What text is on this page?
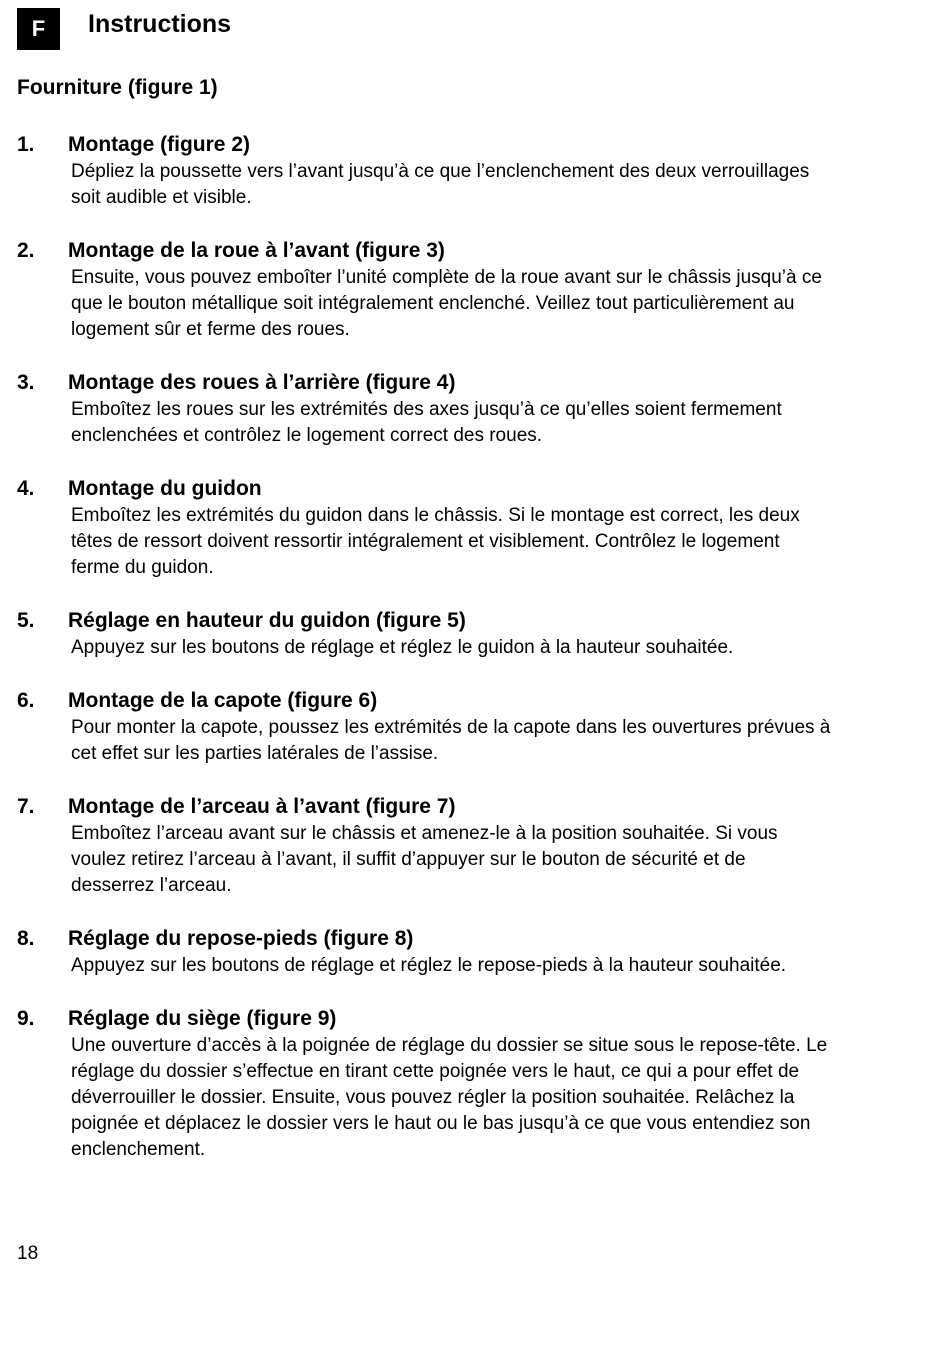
F	Instructions
Fourniture (figure 1)
1.	Montage (figure 2)
Dépliez la poussette vers l’avant jusqu’à ce que l’enclenchement des deux verrouillages soit audible et visible.
2.	Montage de la roue à l’avant (figure 3)
Ensuite, vous pouvez emboîter l’unité complète de la roue avant sur le châssis jusqu’à ce que le bouton métallique soit intégralement enclenché. Veillez tout particulièrement au logement sûr et ferme des roues.
3.	Montage des roues à l’arrière (figure 4)
Emboîtez les roues sur les extrémités des axes jusqu’à ce qu’elles soient fermement enclenchées et contrôlez le logement correct des roues.
4.	Montage du guidon
Emboîtez les extrémités du guidon dans le châssis. Si le montage est correct, les deux têtes de ressort doivent ressortir intégralement et visiblement. Contrôlez le logement ferme du guidon.
5.	Réglage en hauteur du guidon (figure 5)
Appuyez sur les boutons de réglage et réglez le guidon à la hauteur souhaitée.
6.	Montage de la capote (figure 6)
Pour monter la capote, poussez les extrémités de la capote dans les ouvertures prévues à cet effet sur les parties latérales de l’assise.
7.	Montage de l’arceau à l’avant (figure 7)
Emboîtez l’arceau avant sur le châssis et amenez-le à la position souhaitée. Si vous voulez retirez l’arceau à l’avant, il suffit d’appuyer sur le bouton de sécurité et de desserrez l’arceau.
8.	Réglage du repose-pieds (figure 8)
Appuyez sur les boutons de réglage et réglez le repose-pieds à la hauteur souhaitée.
9.	Réglage du siège (figure 9)
Une ouverture d’accès à la poignée de réglage du dossier se situe sous le repose-tête. Le réglage du dossier s’effectue en tirant cette poignée vers le haut, ce qui a pour effet de déverrouiller le dossier. Ensuite, vous pouvez régler la position souhaitée. Relâchez la poignée et déplacez le dossier vers le haut ou le bas jusqu’à ce que vous entendiez son enclenchement.
18
